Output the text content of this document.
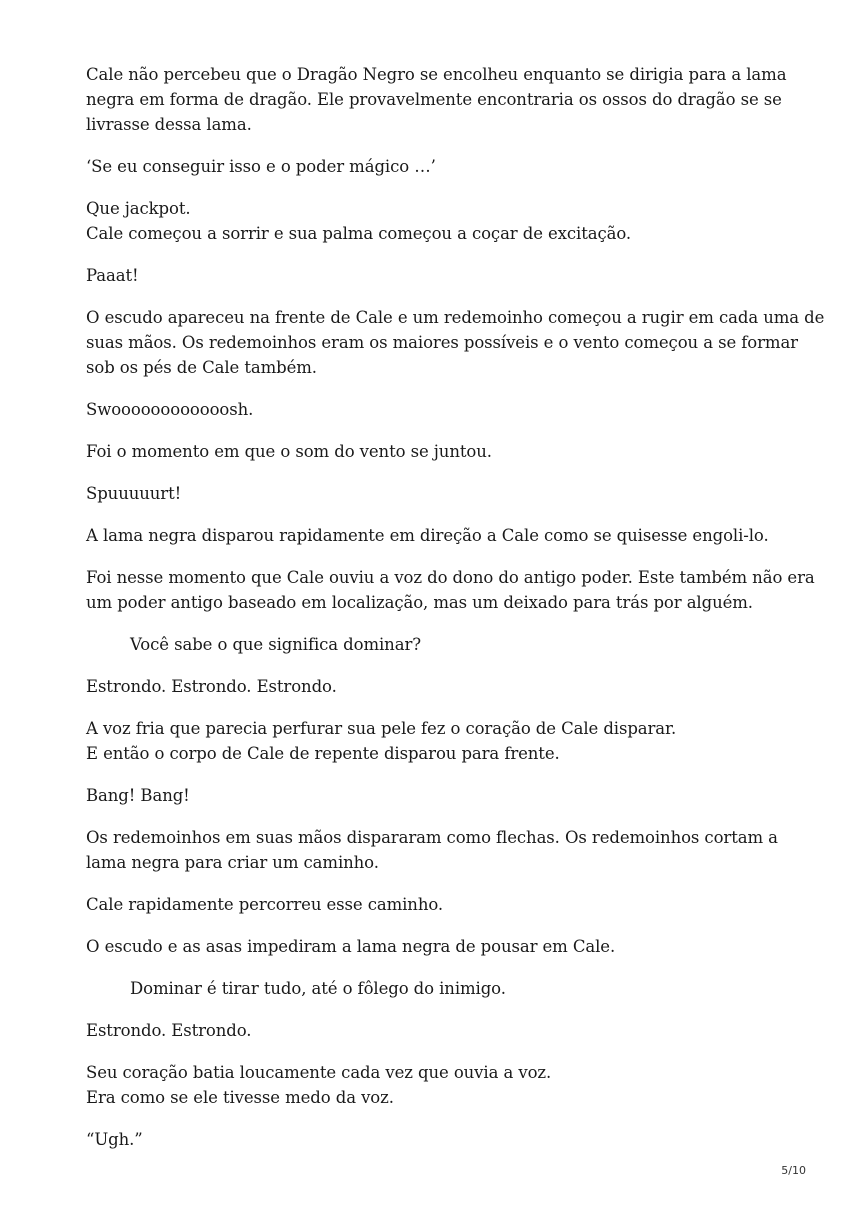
Cale não percebeu que o Dragão Negro se encolheu enquanto se dirigia para a lama
negra em forma de dragão. Ele provavelmente encontraria os ossos do dragão se se
livrasse dessa lama.

‘Se eu conseguir isso e o poder mágico …’

Que jackpot.
Cale começou a sorrir e sua palma começou a coçar de excitação.

Paaat!

O escudo apareceu na frente de Cale e um redemoinho começou a rugir em cada uma de
suas mãos. Os redemoinhos eram os maiores possíveis e o vento começou a se formar
sob os pés de Cale também.

Swoooooooooooosh.

Foi o momento em que o som do vento se juntou.

Spuuuuurt!

A lama negra disparou rapidamente em direção a Cale como se quisesse engoli-lo.

Foi nesse momento que Cale ouviu a voz do dono do antigo poder. Este também não era
um poder antigo baseado em localização, mas um deixado para trás por alguém.

Você sabe o que significa dominar?

Estrondo. Estrondo. Estrondo.

A voz fria que parecia perfurar sua pele fez o coração de Cale disparar.
E então o corpo de Cale de repente disparou para frente.

Bang! Bang!

Os redemoinhos em suas mãos dispararam como flechas. Os redemoinhos cortam a
lama negra para criar um caminho.

Cale rapidamente percorreu esse caminho.

O escudo e as asas impediram a lama negra de pousar em Cale.

Dominar é tirar tudo, até o fôlego do inimigo.

Estrondo. Estrondo.

Seu coração batia loucamente cada vez que ouvia a voz.
Era como se ele tivesse medo da voz.

“Ugh.”

5/10
